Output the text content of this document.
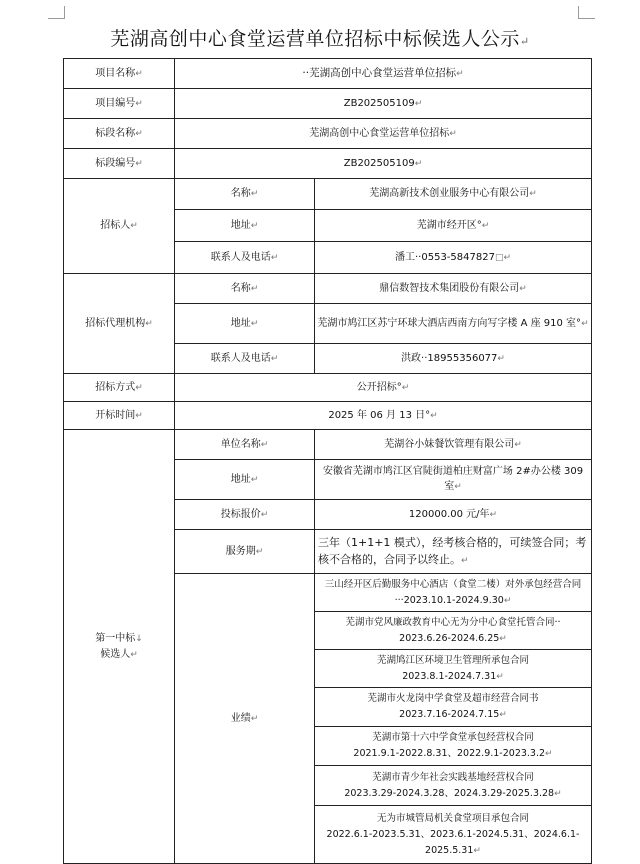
芜湖高创中心食堂运营单位招标中标候选人公示↵
项目名称↵	··芜湖高创中心食堂运营单位招标↵	
项目编号↵	ZB202505109↵	
标段名称↵	芜湖高创中心食堂运营单位招标↵	
标段编号↵	ZB202505109↵	
招标人↵	名称↵	芜湖高新技术创业服务中心有限公司↵
	地址↵	芜湖市经开区°↵
	联系人及电话↵	潘工··0553-5847827□↵
招标代理机构↵	名称↵	鼎信数智技术集团股份有限公司↵
	地址↵	芜湖市鸠江区苏宁环球大酒店西南方向写字楼 A 座 910 室°↵
	联系人及电话↵	洪政··18955356077↵
招标方式↵	公开招标°↵	
开标时间↵	2025 年 06 月 13 日°↵	
第一中标↓
候选人↵	单位名称↵	芜湖谷小妹餐饮管理有限公司↵
	地址↵	安徽省芜湖市鸠江区官陡街道柏庄财富广场 2#办公楼 309 室↵
	投标报价↵	120000.00 元/年↵
	服务期↵	三年（1+1+1 模式），经考核合格的，可续签合同；考核不合格的，合同予以终止。↵
	业绩↵	三山经开区后勤服务中心酒店（食堂二楼）对外承包经营合同
···2023.10.1-2024.9.30↵
		芜湖市党风廉政教育中心无为分中心食堂托管合同··
2023.6.26-2024.6.25↵
		芜湖鸠江区环境卫生管理所承包合同
2023.8.1-2024.7.31↵
		芜湖市火龙岗中学食堂及超市经营合同书
2023.7.16-2024.7.15↵
		芜湖市第十六中学食堂承包经营权合同
2021.9.1-2022.8.31、2022.9.1-2023.3.2↵
		芜湖市青少年社会实践基地经营权合同
2023.3.29-2024.3.28、2024.3.29-2025.3.28↵
		无为市城管局机关食堂项目承包合同
2022.6.1-2023.5.31、2023.6.1-2024.5.31、2024.6.1-2025.5.31↵
